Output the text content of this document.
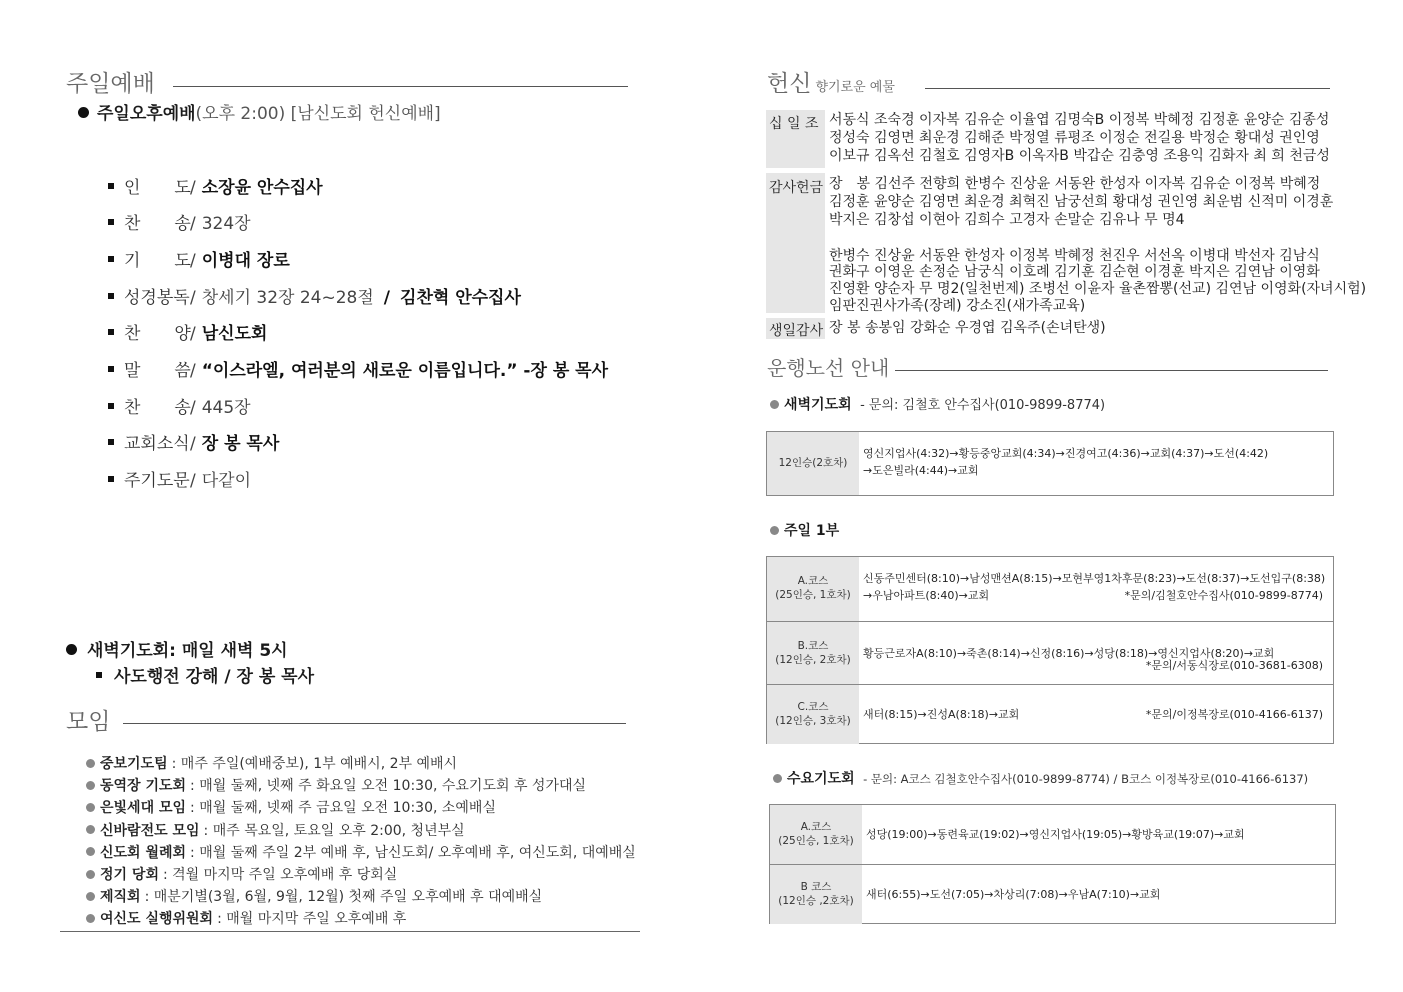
주일예배
주일오후예배(오후 2:00) [남신도회 헌신예배]
인　　도/ 소장윤 안수집사
찬　　송/ 324장
기　　도/ 이병대 장로
성경봉독/ 창세기 32장 24~28절 / 김찬혁 안수집사
찬　　양/ 남신도회
말　　씀/ “이스라엘, 여러분의 새로운 이름입니다.” -장 봉 목사
찬　　송/ 445장
교회소식/ 장 봉 목사
주기도문/ 다같이
새벽기도회: 매일 새벽 5시
사도행전 강해 / 장 봉 목사
모임
중보기도팀 : 매주 주일(예배중보), 1부 예배시, 2부 예배시
동역장 기도회 : 매월 둘째, 넷째 주 화요일 오전 10:30, 수요기도회 후 성가대실
은빛세대 모임 : 매월 둘째, 넷째 주 금요일 오전 10:30, 소예배실
신바람전도 모임 : 매주 목요일, 토요일 오후 2:00, 청년부실
신도회 월례회 : 매월 둘째 주일 2부 예배 후, 남신도회/ 오후예배 후, 여신도회, 대예배실
정기 당회 : 격월 마지막 주일 오후예배 후 당회실
제직회 : 매분기별(3월, 6월, 9월, 12월) 첫째 주일 오후예배 후 대예배실
여신도 실행위원회 : 매월 마지막 주일 오후예배 후
헌신 향기로운 예물
십 일 조
감사헌금
생일감사
서동식 조숙경 이자복 김유순 이율엽 김명숙B 이정복 박혜정 김정훈 윤양순 김종성
정성숙 김영면 최운경 김해준 박정열 류평조 이정순 전길용 박정순 황대성 권인영
이보규 김옥선 김철호 김영자B 이옥자B 박갑순 김충영 조용익 김화자 최 희 천금성
장　봉 김선주 전향희 한병수 진상윤 서동완 한성자 이자복 김유순 이정복 박혜정
김정훈 윤양순 김영면 최운경 최혁진 남궁선희 황대성 권인영 최운범 신적미 이경훈
박지은 김창섭 이현아 김희수 고경자 손말순 김유나 무 명4
한병수 진상윤 서동완 한성자 이정복 박혜정 천진우 서선옥 이병대 박선자 김남식
권화구 이영운 손정순 남궁식 이호례 김기훈 김순현 이경훈 박지은 김연남 이영화
진영환 양순자 무 명2(일천번제) 조병선 이윤자 율촌짬뽕(선교) 김연남 이영화(자녀시험)
임판진권사가족(장례) 강소진(새가족교육)
장 봉 송봉임 강화순 우경엽 김옥주(손녀탄생)
운행노선 안내
새벽기도회 - 문의: 김철호 안수집사(010-9899-8774)
12인승(2호차)
영신지업사(4:32)→황등중앙교회(4:34)→진경여고(4:36)→교회(4:37)→도선(4:42)
→도은빌라(4:44)→교회
주일 1부
A.코스
(25인승, 1호차)
신동주민센터(8:10)→남성맨션A(8:15)→모현부영1차후문(8:23)→도선(8:37)→도선입구(8:38)
→우남아파트(8:40)→교회	*문의/김철호안수집사(010-9899-8774)
B.코스
(12인승, 2호차) 황등근로자A(8:10)→죽촌(8:14)→신정(8:16)→성당(8:18)→영신지업사(8:20)→교회
*문의/서동식장로(010-3681-6308)
C.코스
(12인승, 3호차) 새터(8:15)→진성A(8:18)→교회	*문의/이정복장로(010-4166-6137)
수요기도회 - 문의: A코스 김철호안수집사(010-9899-8774) / B코스 이정복장로(010-4166-6137)
A.코스
(25인승, 1호차) 성당(19:00)→동련육교(19:02)→영신지업사(19:05)→황방육교(19:07)→교회
B 코스
(12인승 ,2호차) 새터(6:55)→도선(7:05)→차상리(7:08)→우남A(7:10)→교회
